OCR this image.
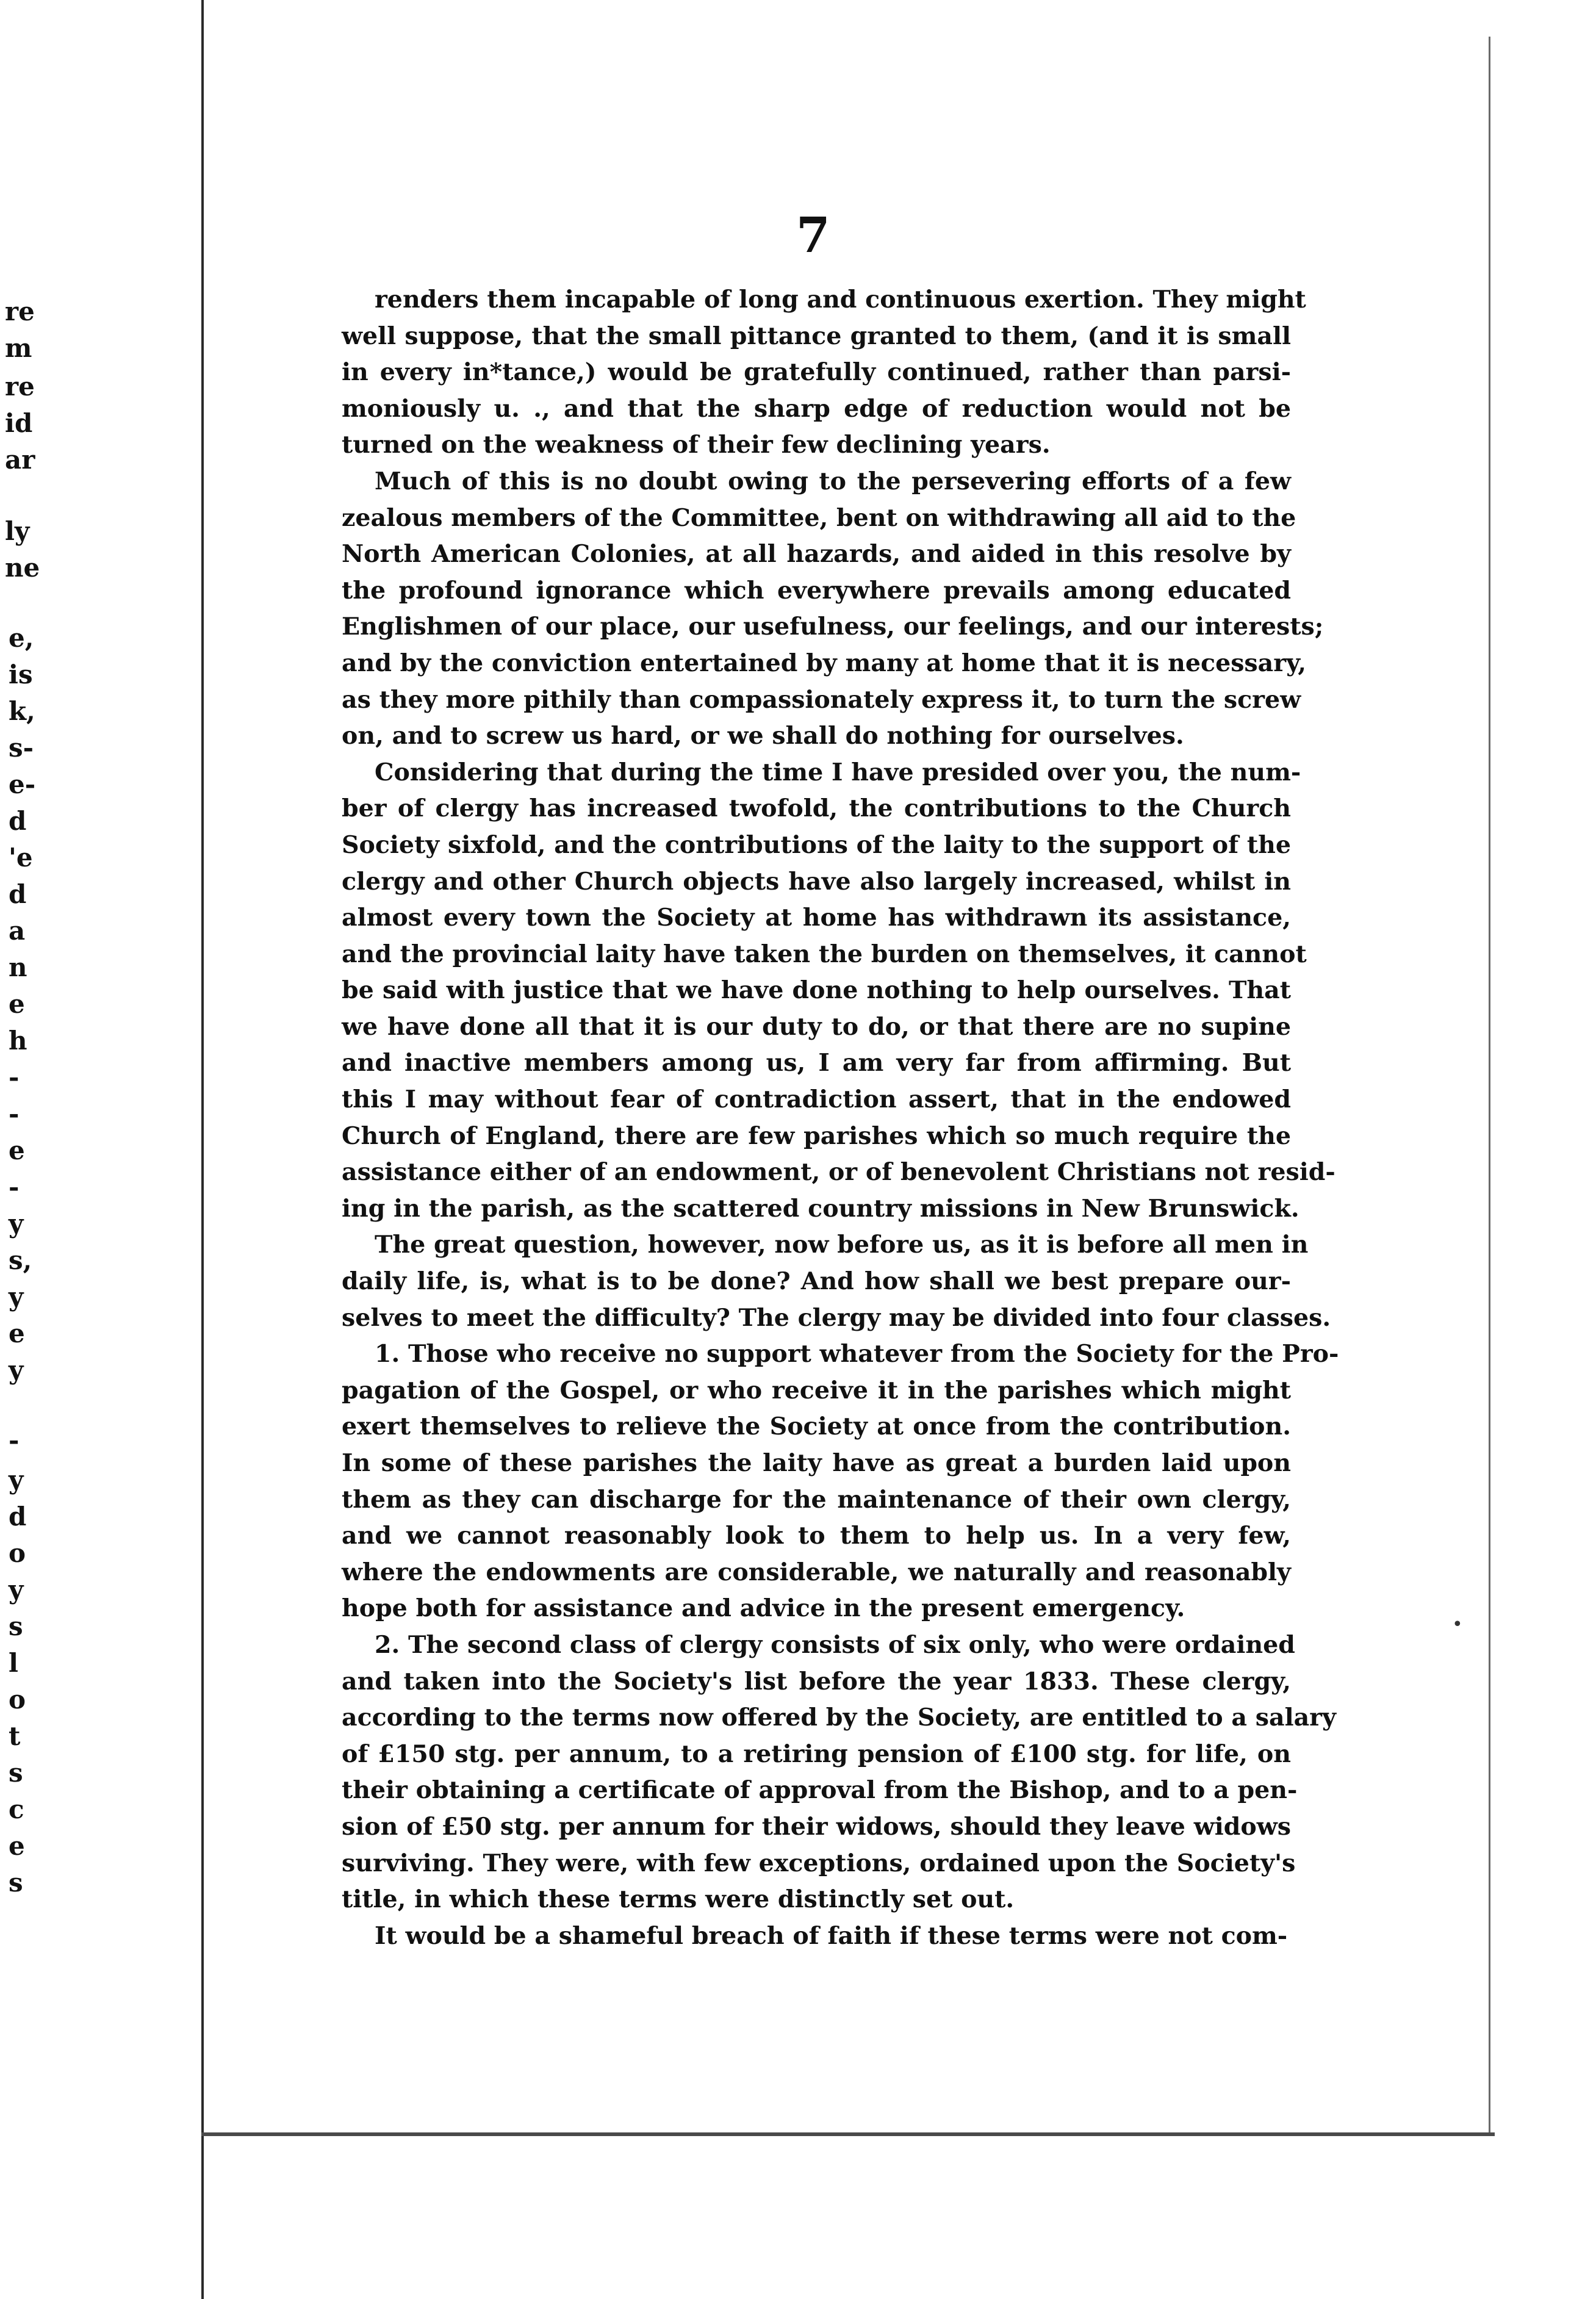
re
m
re
id
ar
ly
ne
e,
is
k,
s-
e-
d
'e
d
a
n
e
h
-
-
e
-
y
s,
y
e
y
-
y
d
o
y
s
l
o
t
s
c
e
s
7
renders them incapable of long and continuous exertion. They might
well suppose, that the small pittance granted to them, (and it is small
in every in*tance,) would be gratefully continued, rather than parsi-
moniously u. ., and that the sharp edge of reduction would not be
turned on the weakness of their few declining years.
Much of this is no doubt owing to the persevering efforts of a few
zealous members of the Committee, bent on withdrawing all aid to the
North American Colonies, at all hazards, and aided in this resolve by
the profound ignorance which everywhere prevails among educated
Englishmen of our place, our usefulness, our feelings, and our interests;
and by the conviction entertained by many at home that it is necessary,
as they more pithily than compassionately express it, to turn the screw
on, and to screw us hard, or we shall do nothing for ourselves.
Considering that during the time I have presided over you, the num-
ber of clergy has increased twofold, the contributions to the Church
Society sixfold, and the contributions of the laity to the support of the
clergy and other Church objects have also largely increased, whilst in
almost every town the Society at home has withdrawn its assistance,
and the provincial laity have taken the burden on themselves, it cannot
be said with justice that we have done nothing to help ourselves. That
we have done all that it is our duty to do, or that there are no supine
and inactive members among us, I am very far from affirming. But
this I may without fear of contradiction assert, that in the endowed
Church of England, there are few parishes which so much require the
assistance either of an endowment, or of benevolent Christians not resid-
ing in the parish, as the scattered country missions in New Brunswick.
The great question, however, now before us, as it is before all men in
daily life, is, what is to be done? And how shall we best prepare our-
selves to meet the difficulty? The clergy may be divided into four classes.
1. Those who receive no support whatever from the Society for the Pro-
pagation of the Gospel, or who receive it in the parishes which might
exert themselves to relieve the Society at once from the contribution.
In some of these parishes the laity have as great a burden laid upon
them as they can discharge for the maintenance of their own clergy,
and we cannot reasonably look to them to help us. In a very few,
where the endowments are considerable, we naturally and reasonably
hope both for assistance and advice in the present emergency.
2. The second class of clergy consists of six only, who were ordained
and taken into the Society's list before the year 1833. These clergy,
according to the terms now offered by the Society, are entitled to a salary
of £150 stg. per annum, to a retiring pension of £100 stg. for life, on
their obtaining a certificate of approval from the Bishop, and to a pen-
sion of £50 stg. per annum for their widows, should they leave widows
surviving. They were, with few exceptions, ordained upon the Society's
title, in which these terms were distinctly set out.
It would be a shameful breach of faith if these terms were not com-
•
